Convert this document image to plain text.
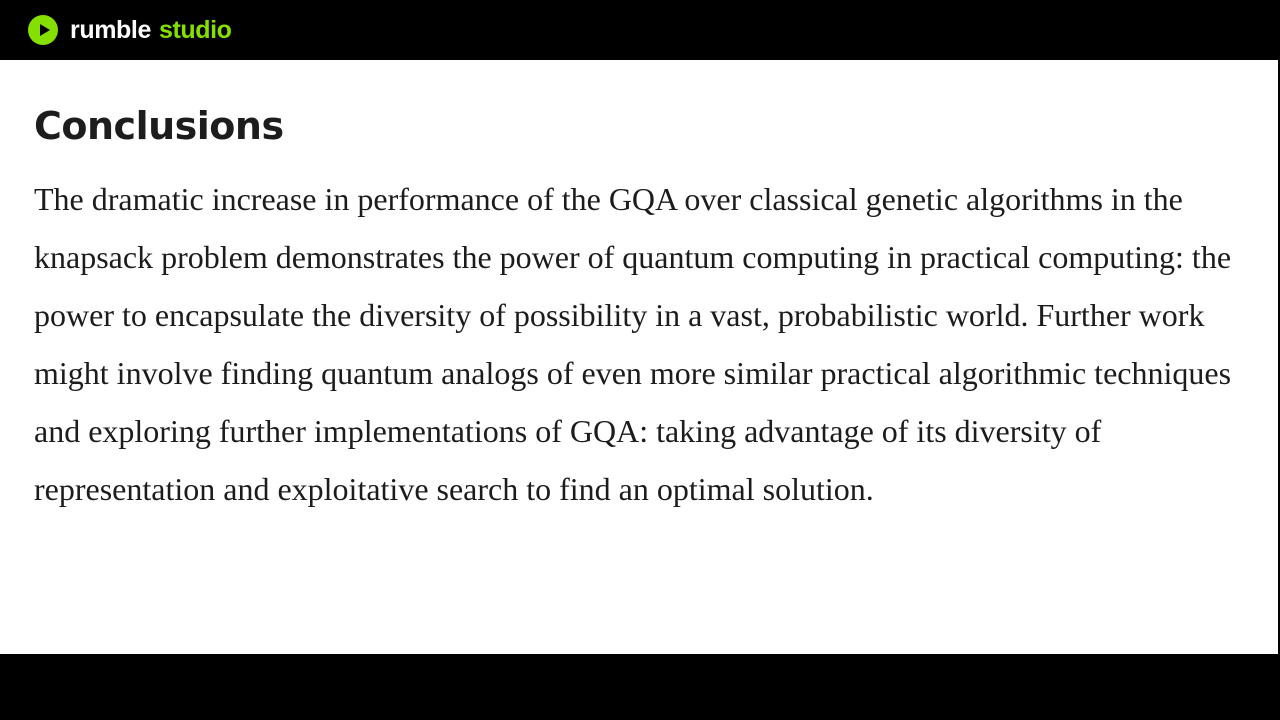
rumble studio
Conclusions

The dramatic increase in performance of the GQA over classical genetic algorithms in the knapsack problem demonstrates the power of quantum computing in practical computing: the power to encapsulate the diversity of possibility in a vast, probabilistic world. Further work might involve finding quantum analogs of even more similar practical algorithmic techniques and exploring further implementations of GQA: taking advantage of its diversity of representation and exploitative search to find an optimal solution.
